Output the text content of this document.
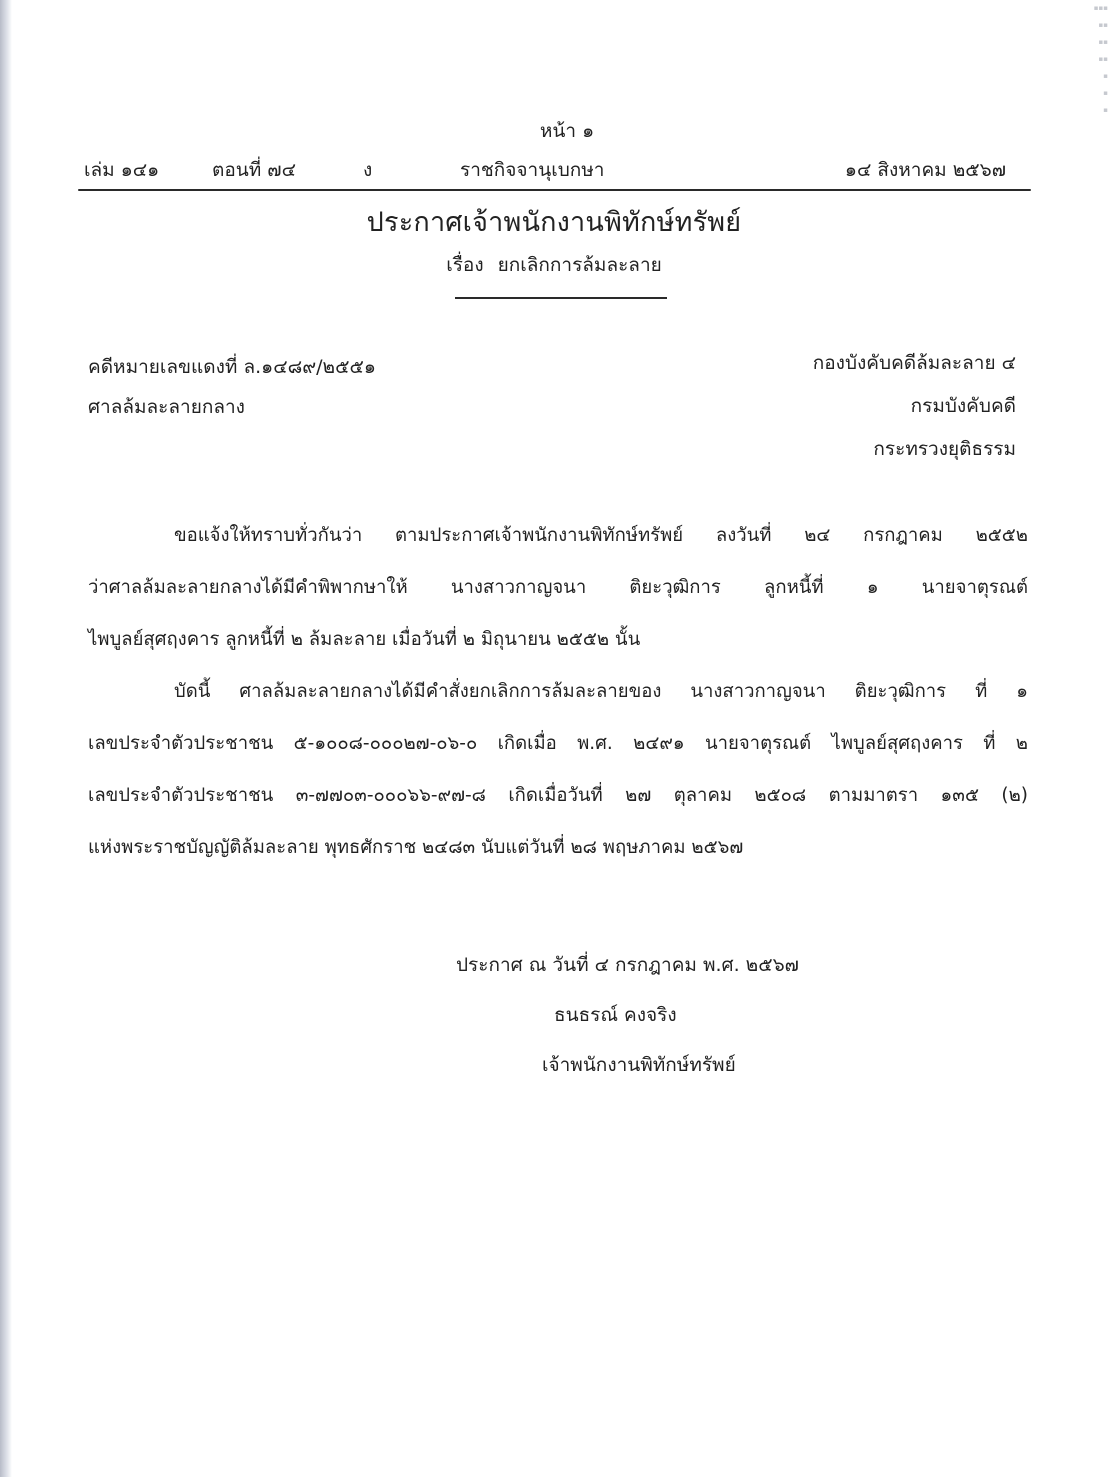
▪▪▪
▪▪
▪▪
▪▪
▪
▪
▪
หน้า ๑
เล่ม ๑๔๑	ตอนที่ ๗๔	ง	ราชกิจจานุเบกษา	๑๔ สิงหาคม ๒๕๖๗
ประกาศเจ้าพนักงานพิทักษ์ทรัพย์
เรื่อง ยกเลิกการล้มละลาย
คดีหมายเลขแดงที่ ล.๑๔๘๙/๒๕๕๑
ศาลล้มละลายกลาง
กองบังคับคดีล้มละลาย ๔
กรมบังคับคดี
กระทรวงยุติธรรม
ขอแจ้งให้ทราบทั่วกันว่า ตามประกาศเจ้าพนักงานพิทักษ์ทรัพย์ ลงวันที่ ๒๔ กรกฎาคม ๒๕๕๒
ว่าศาลล้มละลายกลางได้มีคำพิพากษาให้ นางสาวกาญจนา ติยะวุฒิการ ลูกหนี้ที่ ๑ นายจาตุรณต์
ไพบูลย์สุศฤงคาร ลูกหนี้ที่ ๒ ล้มละลาย เมื่อวันที่ ๒ มิถุนายน ๒๕๕๒ นั้น
บัดนี้ ศาลล้มละลายกลางได้มีคำสั่งยกเลิกการล้มละลายของ นางสาวกาญจนา ติยะวุฒิการ ที่ ๑
เลขประจำตัวประชาชน ๕-๑๐๐๘-๐๐๐๒๗-๐๖-๐ เกิดเมื่อ พ.ศ. ๒๔๙๑ นายจาตุรณต์ ไพบูลย์สุศฤงคาร ที่ ๒
เลขประจำตัวประชาชน ๓-๗๗๐๓-๐๐๐๖๖-๙๗-๘ เกิดเมื่อวันที่ ๒๗ ตุลาคม ๒๕๐๘ ตามมาตรา ๑๓๕ (๒)
แห่งพระราชบัญญัติล้มละลาย พุทธศักราช ๒๔๘๓ นับแต่วันที่ ๒๘ พฤษภาคม ๒๕๖๗
ประกาศ ณ วันที่ ๔ กรกฎาคม พ.ศ. ๒๕๖๗
ธนธรณ์ คงจริง
เจ้าพนักงานพิทักษ์ทรัพย์
